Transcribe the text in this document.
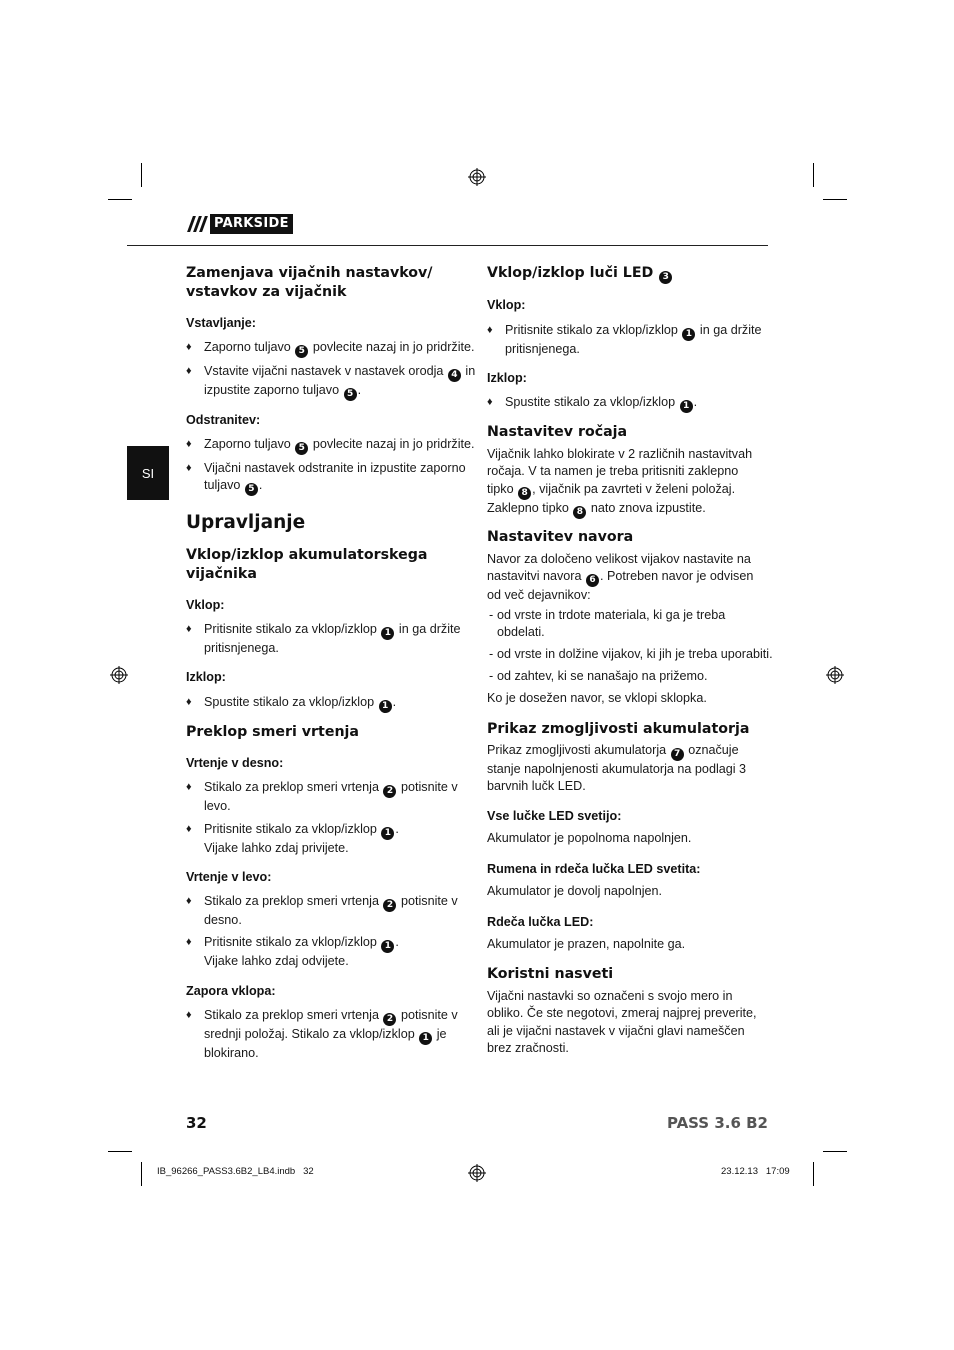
PARKSIDE
SI
Zamenjava vijačnih nastavkov/ vstavkov za vijačnik
Vstavljanje:
♦ Zaporno tuljavo 5 povlecite nazaj in jo pridržite.
♦ Vstavite vijačni nastavek v nastavek orodja 4 in izpustite zaporno tuljavo 5 .
Odstranitev:
♦ Zaporno tuljavo 5 povlecite nazaj in jo pridržite.
♦ Vijačni nastavek odstranite in izpustite zaporno tuljavo 5 .
Upravljanje
Vklop/izklop akumulatorskega vijačnika
Vklop:
♦ Pritisnite stikalo za vklop/izklop 1 in ga držite pritisnjenega.
Izklop:
♦ Spustite stikalo za vklop/izklop 1 .
Preklop smeri vrtenja
Vrtenje v desno:
♦ Stikalo za preklop smeri vrtenja 2 potisnite v levo.
♦ Pritisnite stikalo za vklop/izklop 1 .
Vijake lahko zdaj privijete.
Vrtenje v levo:
♦ Stikalo za preklop smeri vrtenja 2 potisnite v desno.
♦ Pritisnite stikalo za vklop/izklop 1 .
Vijake lahko zdaj odvijete.
Zapora vklopa:
♦ Stikalo za preklop smeri vrtenja 2 potisnite v srednji položaj. Stikalo za vklop/izklop 1 je blokirano.
Vklop/izklop luči LED 3
Vklop:
♦ Pritisnite stikalo za vklop/izklop 1 in ga držite pritisnjenega.
Izklop:
♦ Spustite stikalo za vklop/izklop 1 .
Nastavitev ročaja
Vijačnik lahko blokirate v 2 različnih nastavitvah ročaja. V ta namen je treba pritisniti zaklepno tipko 8 , vijačnik pa zavrteti v želeni položaj. Zaklepno tipko 8 nato znova izpustite.
Nastavitev navora
Navor za določeno velikost vijakov nastavite na nastavitvi navora 6 . Potreben navor je odvisen od več dejavnikov:
- od vrste in trdote materiala, ki ga je treba obdelati.
- od vrste in dolžine vijakov, ki jih je treba uporabiti.
- od zahtev, ki se nanašajo na prižemo.
Ko je dosežen navor, se vklopi sklopka.
Prikaz zmogljivosti akumulatorja
Prikaz zmogljivosti akumulatorja 7 označuje stanje napolnjenosti akumulatorja na podlagi 3 barvnih lučk LED.
Vse lučke LED svetijo:
Akumulator je popolnoma napolnjen.
Rumena in rdeča lučka LED svetita:
Akumulator je dovolj napolnjen.
Rdeča lučka LED:
Akumulator je prazen, napolnite ga.
Koristni nasveti
Vijačni nastavki so označeni s svojo mero in obliko. Če ste negotovi, zmeraj najprej preverite, ali je vijačni nastavek v vijačni glavi nameščen brez zračnosti.
32	PASS 3.6 B2
IB_96266_PASS3.6B2_LB4.indb   32	23.12.13   17:09
